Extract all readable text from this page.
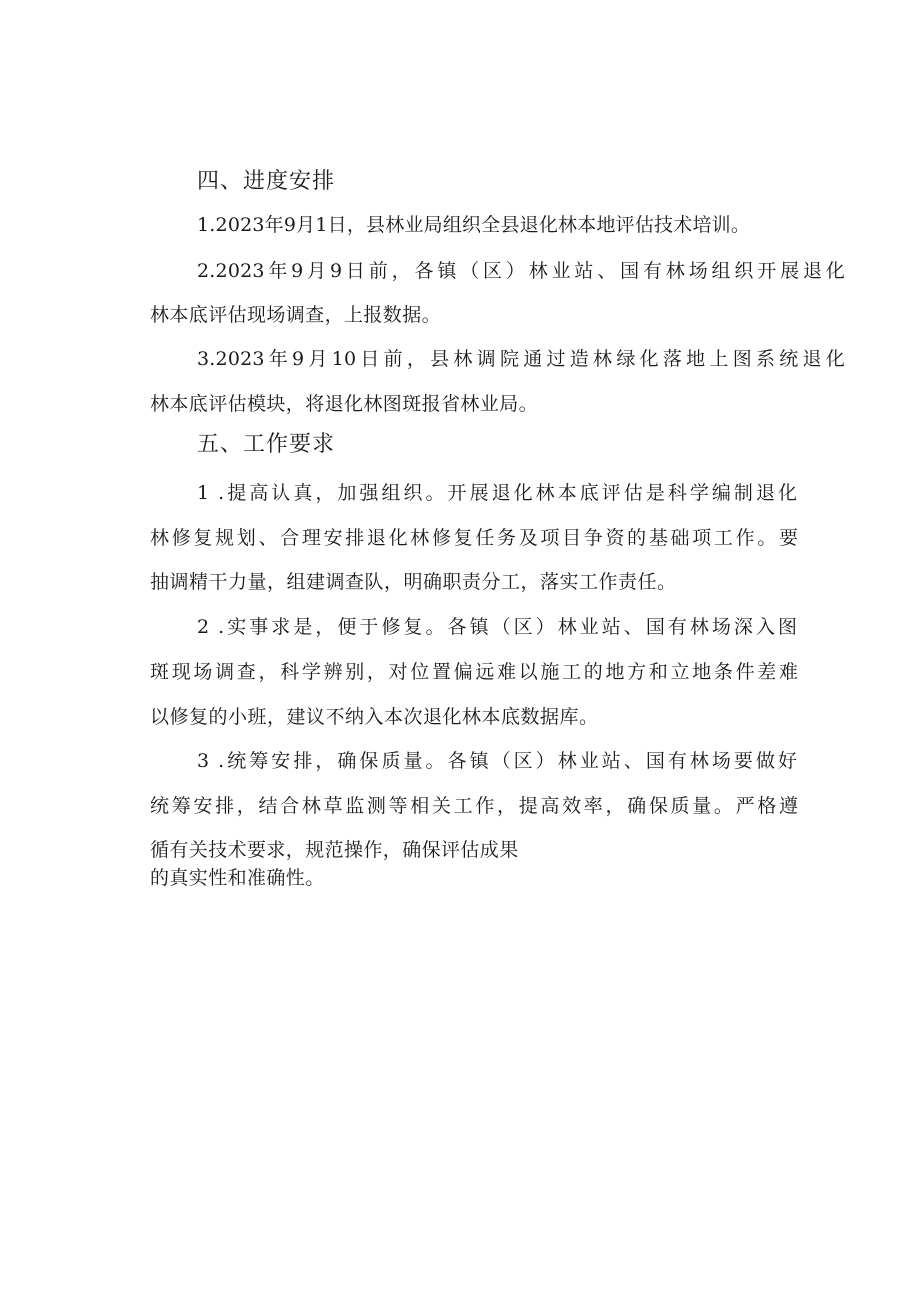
四、进度安排
1.2023年9月1日，县林业局组织全县退化林本地评估技术培训。
2.2023年9月9日前，各镇（区）林业站、国有林场组织开展退化
林本底评估现场调查，上报数据。
3.2023年9月10日前，县林调院通过造林绿化落地上图系统退化
林本底评估模块，将退化林图斑报省林业局。
五、工作要求
1 .提高认真，加强组织。开展退化林本底评估是科学编制退化
林修复规划、合理安排退化林修复任务及项目争资的基础项工作。要
抽调精干力量，组建调查队，明确职责分工，落实工作责任。
2 .实事求是，便于修复。各镇（区）林业站、国有林场深入图
斑现场调查，科学辨别，对位置偏远难以施工的地方和立地条件差难
以修复的小班，建议不纳入本次退化林本底数据库。
3 .统筹安排，确保质量。各镇（区）林业站、国有林场要做好
统筹安排，结合林草监测等相关工作，提高效率，确保质量。严格遵
循有关技术要求，规范操作，确保评估成果
的真实性和准确性。
